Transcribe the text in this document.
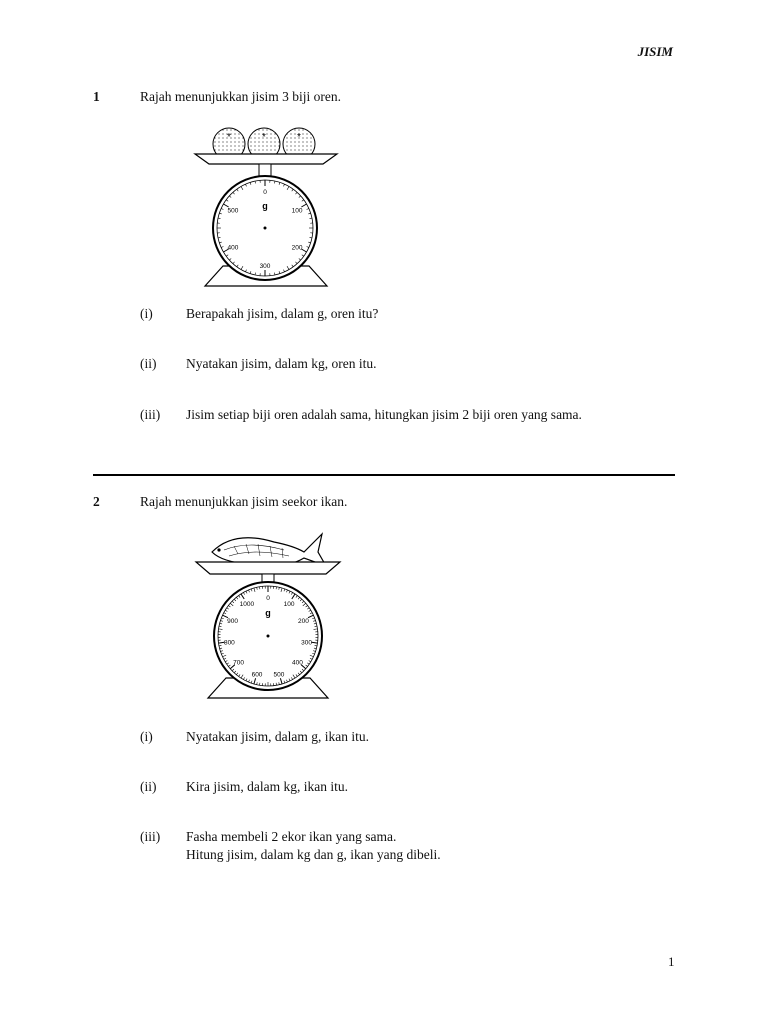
JISIM
1	Rajah menunjukkan jisim 3 biji oren.
*	*	*
0
100
200
300
400
500	g
(i)	Berapakah jisim, dalam g, oren itu?
(ii)	Nyatakan jisim, dalam kg, oren itu.
(iii)	Jisim setiap biji oren adalah sama, hitungkan jisim 2 biji oren yang sama.
2	Rajah menunjukkan jisim seekor ikan.
0
100
200
300
400
500
600
700
800
900
1000
g
(i)	Nyatakan jisim, dalam g, ikan itu.
(ii)	Kira jisim, dalam kg, ikan itu.
(iii)	Fasha membeli 2 ekor ikan yang sama.
Hitung jisim, dalam kg dan g, ikan yang dibeli.
1
